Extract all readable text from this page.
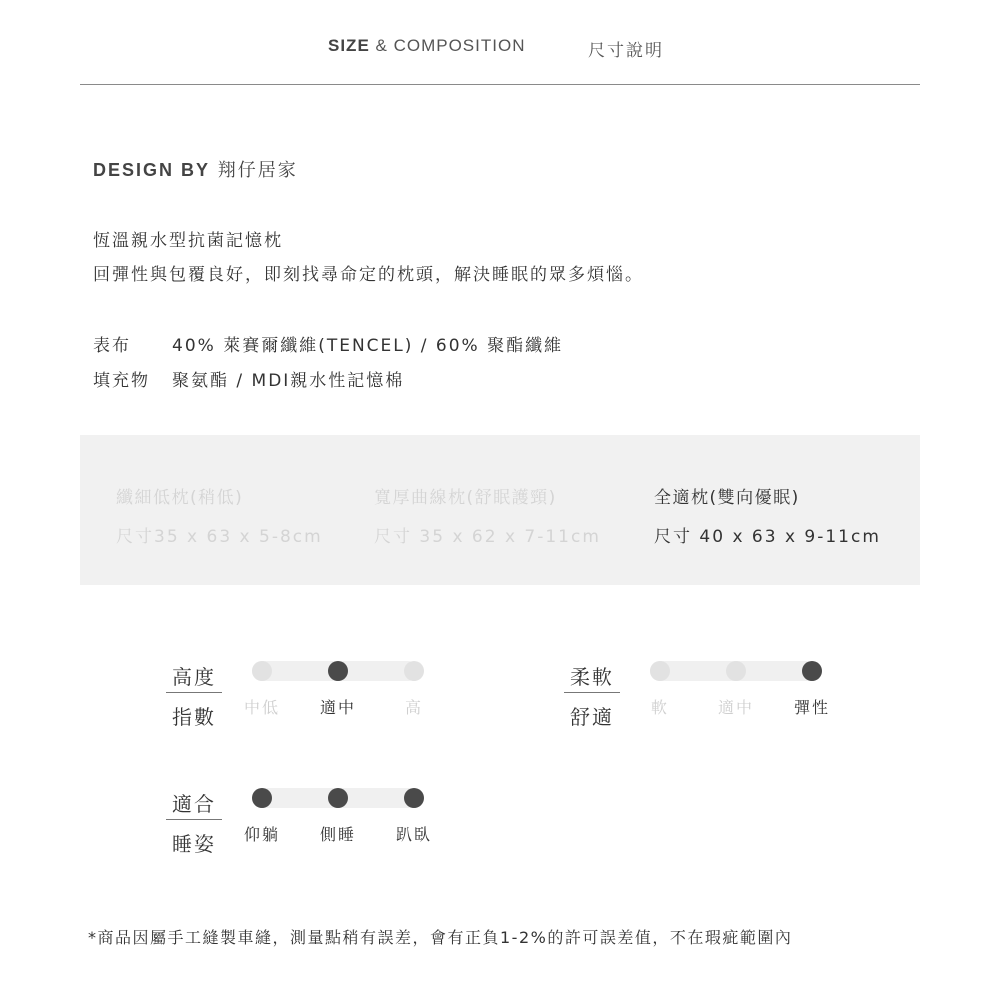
SIZE & COMPOSITION	尺寸說明
DESIGN BY 翔仔居家
恆溫親水型抗菌記憶枕
回彈性與包覆良好，即刻找尋命定的枕頭，解決睡眠的眾多煩惱。
表布 40% 萊賽爾纖維(TENCEL) / 60% 聚酯纖維
填充物 聚氨酯 / MDI親水性記憶棉
纖細低枕(稍低)
尺寸35 x 63 x 5-8cm
寬厚曲線枕(舒眠護頸)
尺寸 35 x 62 x 7-11cm
全適枕(雙向優眠)
尺寸 40 x 63 x 9-11cm
高度
指數	中低	適中	高
柔軟
舒適	軟	適中	彈性
適合
睡姿	仰躺	側睡	趴臥
*商品因屬手工縫製車縫，測量點稍有誤差，會有正負1-2%的許可誤差值，不在瑕疵範圍內
